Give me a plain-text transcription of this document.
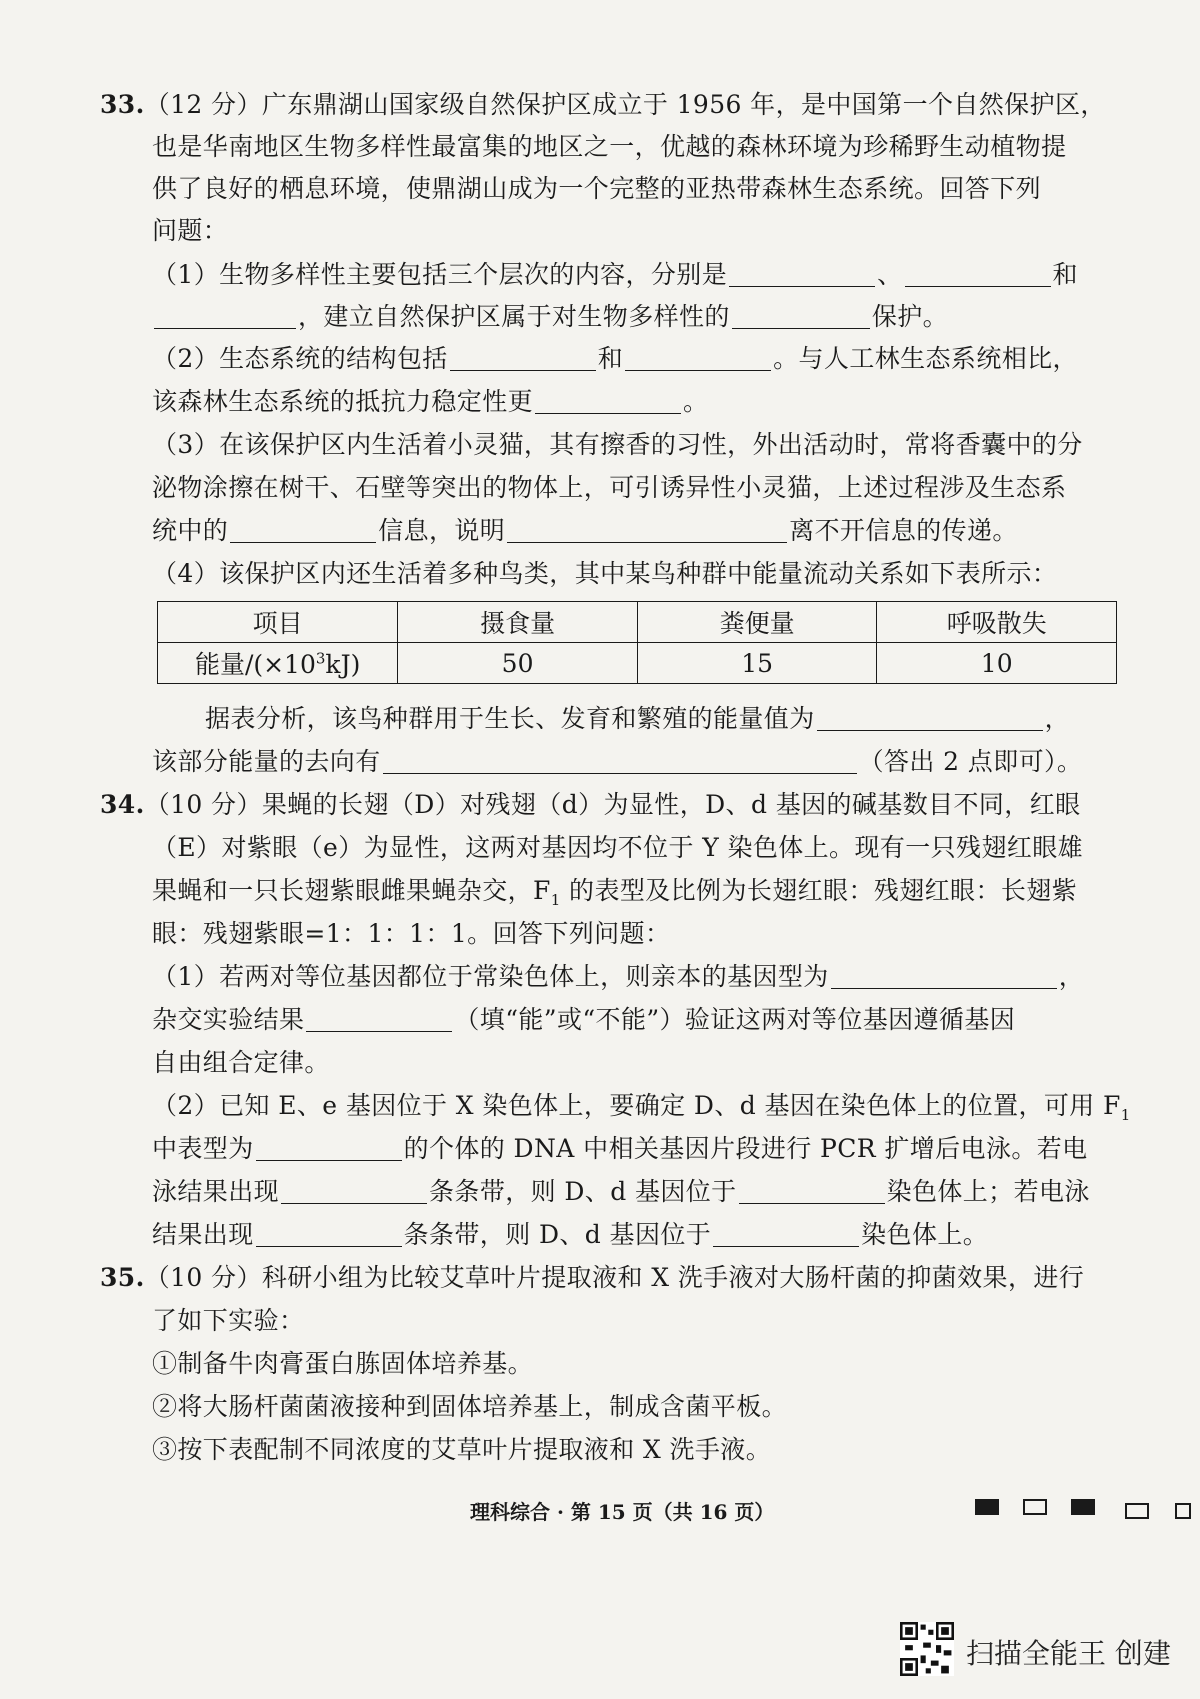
33.（12 分）广东鼎湖山国家级自然保护区成立于 1956 年，是中国第一个自然保护区，
也是华南地区生物多样性最富集的地区之一，优越的森林环境为珍稀野生动植物提
供了良好的栖息环境，使鼎湖山成为一个完整的亚热带森林生态系统。回答下列
问题：
（1）生物多样性主要包括三个层次的内容，分别是	、	和
，建立自然保护区属于对生物多样性的	保护。
（2）生态系统的结构包括	和	。与人工林生态系统相比，
该森林生态系统的抵抗力稳定性更	。
（3）在该保护区内生活着小灵猫，其有擦香的习性，外出活动时，常将香囊中的分
泌物涂擦在树干、石壁等突出的物体上，可引诱异性小灵猫，上述过程涉及生态系
统中的	信息，说明	离不开信息的传递。
（4）该保护区内还生活着多种鸟类，其中某鸟种群中能量流动关系如下表所示：
项目	摄食量	粪便量	呼吸散失
能量$/(\times 10^3kJ)$	50	15	10
据表分析，该鸟种群用于生长、发育和繁殖的能量值为	，
该部分能量的去向有	（答出 2 点即可）。
34.（10 分）果蝇的长翅（D）对残翅（d）为显性，D、d 基因的碱基数目不同，红眼
（E）对紫眼（e）为显性，这两对基因均不位于 Y 染色体上。现有一只残翅红眼雄
果蝇和一只长翅紫眼雌果蝇杂交，$F_1$ 的表型及比例为长翅红眼：残翅红眼：长翅紫
眼：残翅紫眼=1：1：1：1。回答下列问题：
（1）若两对等位基因都位于常染色体上，则亲本的基因型为	，
杂交实验结果	（填“能”或“不能”）验证这两对等位基因遵循基因
自由组合定律。
（2）已知 E、e 基因位于 X 染色体上，要确定 D、d 基因在染色体上的位置，可用 $F_1$
中表型为	的个体的 DNA 中相关基因片段进行 PCR 扩增后电泳。若电
泳结果出现	条条带，则 D、d 基因位于	染色体上；若电泳
结果出现	条条带，则 D、d 基因位于	染色体上。
35.（10 分）科研小组为比较艾草叶片提取液和 X 洗手液对大肠杆菌的抑菌效果，进行
了如下实验：
①制备牛肉膏蛋白胨固体培养基。
②将大肠杆菌菌液接种到固体培养基上，制成含菌平板。
③按下表配制不同浓度的艾草叶片提取液和 X 洗手液。
理科综合 · 第 15 页（共 16 页）
扫描全能王 创建
